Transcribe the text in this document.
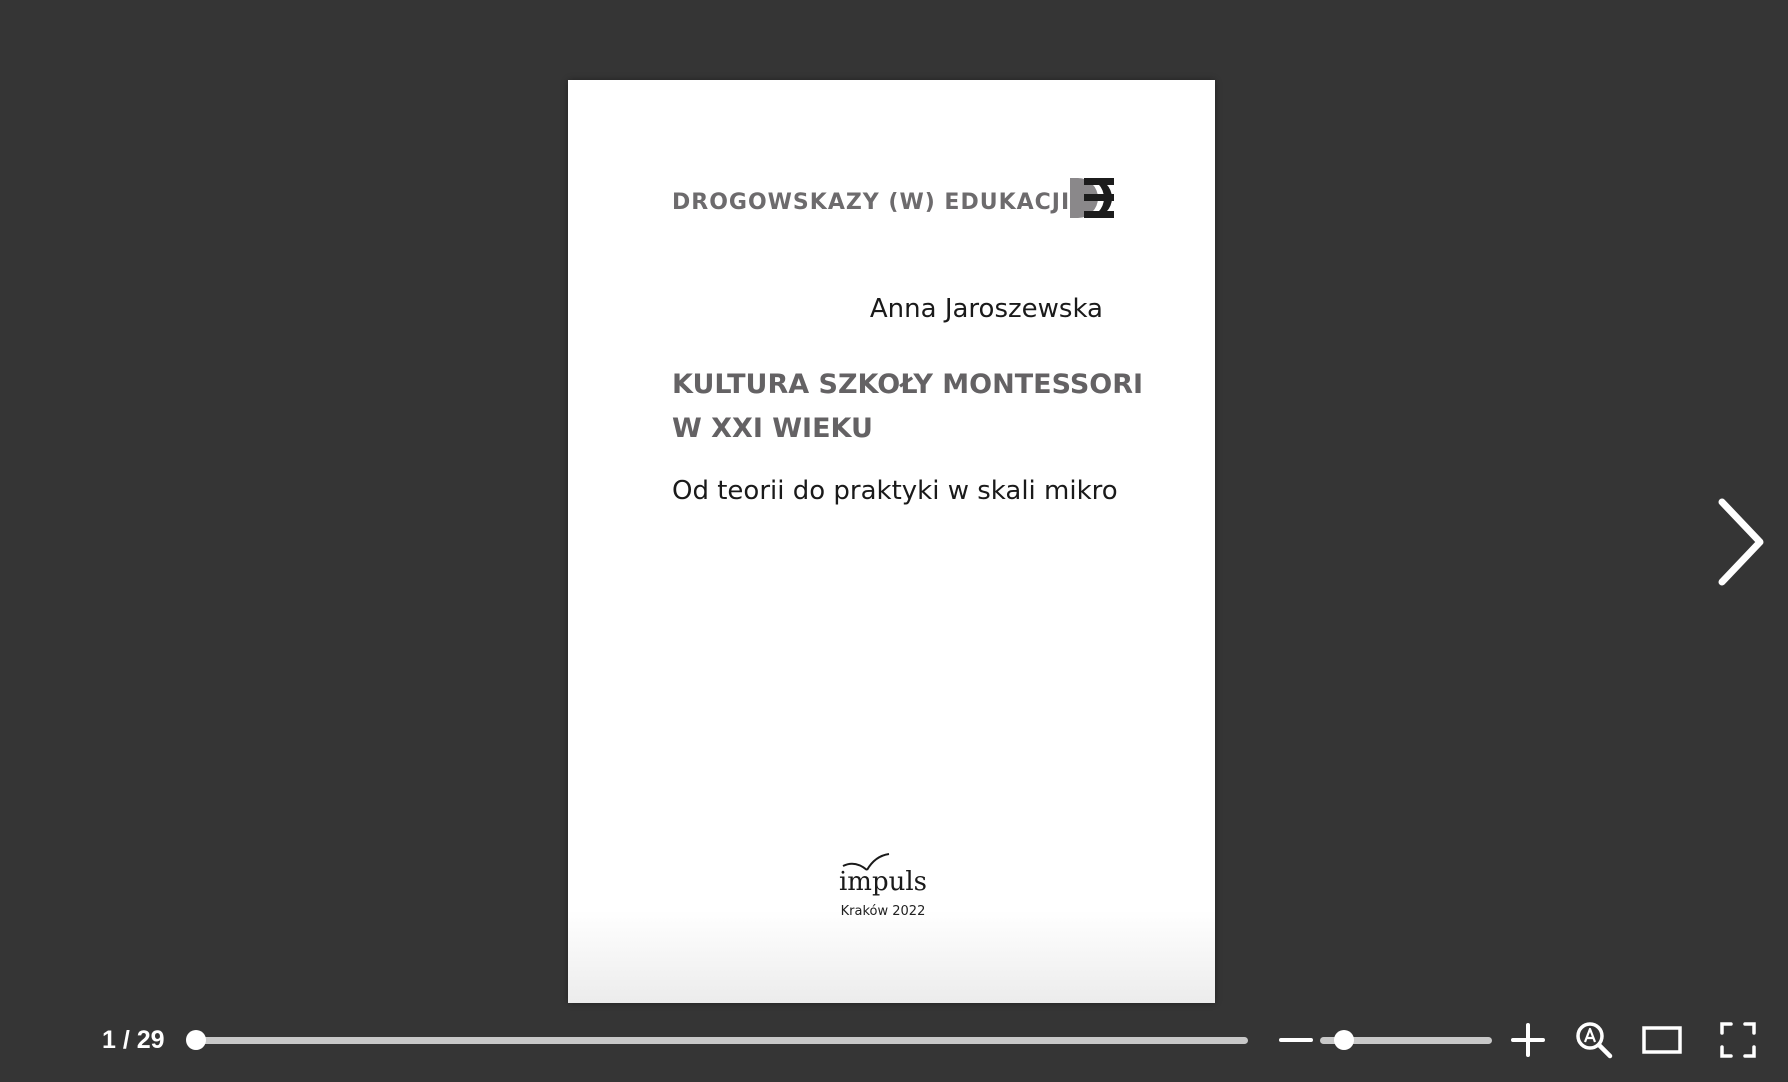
DROGOWSKAZY (W) EDUKACJI
Anna Jaroszewska
KULTURA SZKOŁY MONTESSORI
W XXI WIEKU
Od teorii do praktyki w skali mikro
impuls
Kraków 2022
1 / 29
